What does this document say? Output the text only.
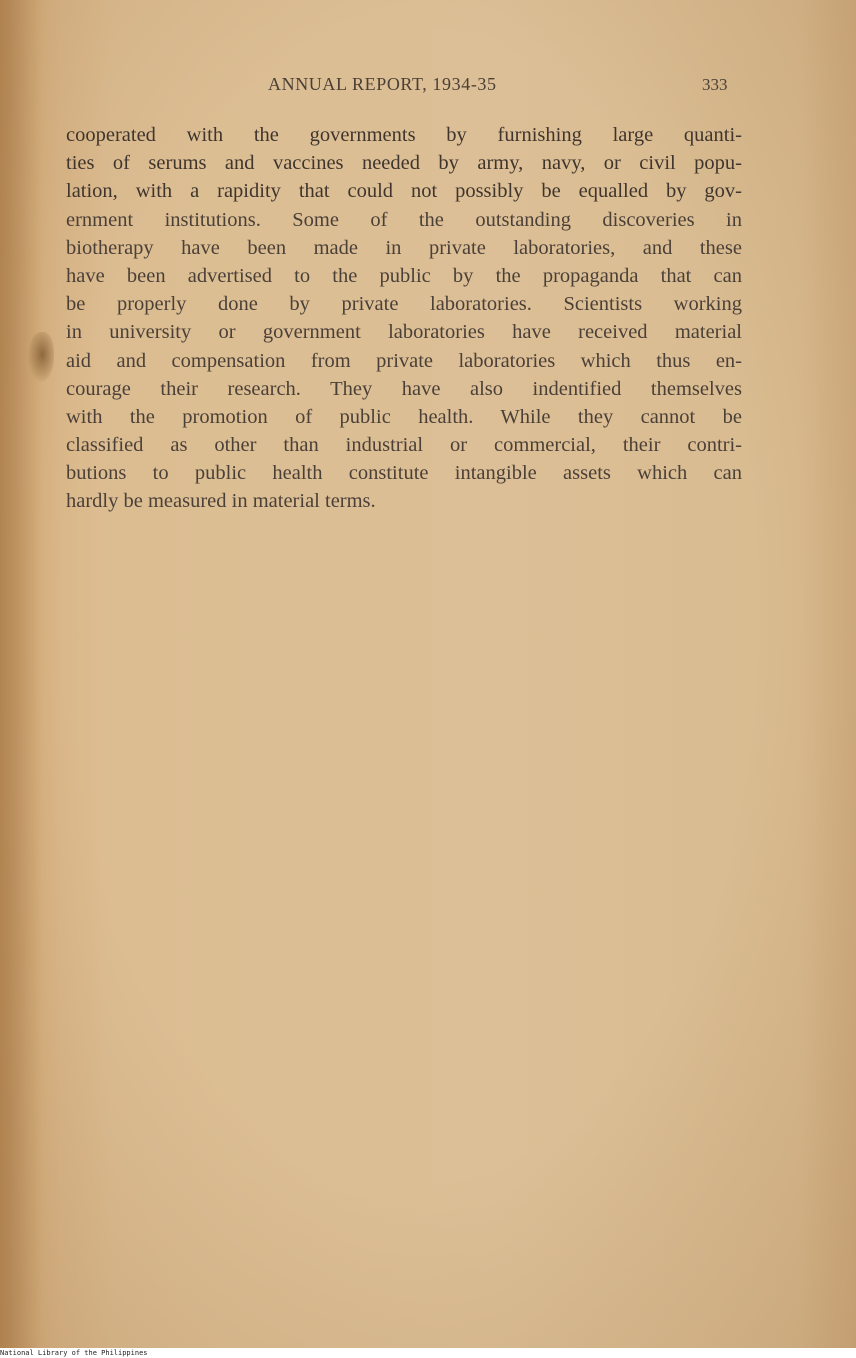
ANNUAL REPORT, 1934-35	333
cooperated with the governments by furnishing large quanti-
ties of serums and vaccines needed by army, navy, or civil popu-
lation, with a rapidity that could not possibly be equalled by gov-
ernment institutions. Some of the outstanding discoveries in
biotherapy have been made in private laboratories, and these
have been advertised to the public by the propaganda that can
be properly done by private laboratories. Scientists working
in university or government laboratories have received material
aid and compensation from private laboratories which thus en-
courage their research. They have also indentified themselves
with the promotion of public health. While they cannot be
classified as other than industrial or commercial, their contri-
butions to public health constitute intangible assets which can
hardly be measured in material terms.
National Library of the Philippines
